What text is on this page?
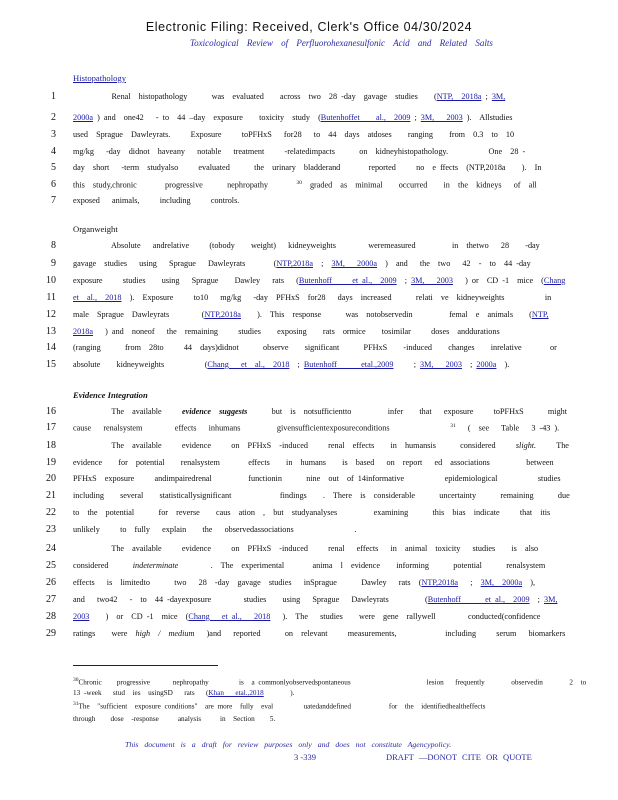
Electronic Filing: Received, Clerk's Office 04/30/2024
Toxicological Review of Perfluorohexanesulfonic Acid and Related Salts
Histopathology
Organweight
Evidence Integration
1 Renal  histopathology      was  evaluated    across  two  28 -day  gavage  studies    (NTP,  2018a ; 3M,
2 2000a ) and  one42   - to  44 –day  exposure    toxicity  study  (Butenhoffet    al.,  2009 ; 3M,   2003 ).  Allstudies
3 used  Sprague  Dawleyrats.     Exposure     toPFHxS   for28   to  44  days  atdoses    ranging    from  0.3  to  10
4 mg/kg   -day  didnot  haveany   notable   treatment     -relatedimpacts      on  kidneyhistopathology.          One  28 -
5 day  short   -term  studyalso     evaluated      the  urinary  bladderand       reported     no  e ffects  (NTP,2018a    ).  In
6 this  study,chronic       progressive      nephropathy       $^{30}$  graded  as  minimal    occurred    in  the  kidneys   of  all
7 exposed   animals,     including     controls.
8 Absolute   andrelative     (tobody    weight)   kidneyweights        weremeasured         in  thetwo   28    -day
9 gavage  studies   using   Sprague   Dawleyrats       (NTP,2018a  ;  3M,   2000a  )  and   the  two   42  -  to  44 -day
10 exposure     studies    using   Sprague    Dawley   rats   (Butenhoff     et al.,  2009  ; 3M,   2003   ) or  CD -1  mice  (Chang
11 et  al.,  2018  ).  Exposure     to10   mg/kg   -day  PFHxS  for28   days  increased      relati  ve  kidneyweights          in
12 male  Sprague  Dawleyrats        (NTP,2018a    ).  This  response      was  notobservedin         femal  e  animals    (NTP,
13 2018a   ) and  noneof   the  remaining     studies    exposing    rats  ormice    tosimilar     doses  anddurations
14 (ranging      from  28to     44  days)didnot      observe    significant      PFHxS    -induced    changes    inrelative       or
15 absolute    kidneyweights          (Chang   et  al.,  2018  ; Butenhoff      etal.,2009     ; 3M,   2003  ; 2000a  ).
16 The  available     evidence  suggests      but  is  notsufficientto         infer    that   exposure     toPFHxS      might
17 cause   renalsystem        effects   inhumans         givensufficientexposureconditions               $^{31}$   (  see   Table   3 -43 ).
18 The  available     evidence     on  PFHxS  -induced     renal  effects    in  humansis      considered     slight.     The
19 evidence    for  potential    renalsystem       effects    in  humans    is  based   on  report   ed  associations         between
20 PFHxS  exposure     andimpairedrenal         functionin      nine  out  of 14informative          epidemiological          studies
21 including    several    statisticallysignificant            findings    .  There  is  considerable      uncertainty      remaining      due
22 to  the  potential      for  reverse    caus  ation  ,  but  studyanalyses         examining      this  bias  indicate     that  itis
23 unlikely     to  fully   explain    the   observedassociations               .
24 The  available     evidence     on  PFHxS  -induced     renal   effects   in  animal  toxicity   studies    is  also
25 considered      indeterminate        .  The  experimental       anima  l  evidence    informing      potential      renalsystem
26 effects   is  limitedto      two   28  -day  gavage  studies   inSprague      Dawley   rats  (NTP,2018a   ;  3M,  2000a  ),
27 and   two42   -  to  44 -dayexposure        studies    using   Sprague   Dawleyrats         (Butenhoff      et al.,  2009  ; 3M,
28 2003    )  or  CD -1  mice  (Chang   et al.,   2018   ).  The   studies    were  gene  rallywell        conducted(confidence
29 ratings    were  high  /  medium   )and   reported      on  relevant     measurements,            including     serum   biomarkers
$^{30}$Chronic    progressive      nephropathy        is  a commonlyobservedspontaneous                    lesion   frequently       observedin       2  to
13 -week   stud  ies  usingSD   rats   (Khan   etal.,2018       ).
$^{31}$The  "sufficient  exposure conditions"  are more  fully  eval        uatedanddefined          for  the  identifiedhealtheffects
through    dose  -response     analysis     in  Section    5.
This document is a draft for review purposes only and does not constitute Agencypolicy.
3 -339	DRAFT —DONOT CITE OR QUOTE
